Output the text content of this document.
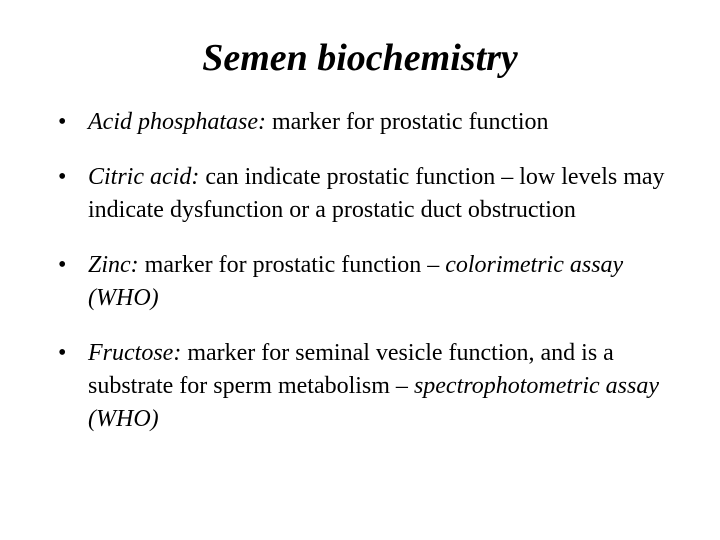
Semen biochemistry
• Acid phosphatase: marker for prostatic function
• Citric acid: can indicate prostatic function – low levels may indicate dysfunction or a prostatic duct obstruction
• Zinc: marker for prostatic function – colorimetric assay (WHO)
• Fructose: marker for seminal vesicle function, and is a substrate for sperm metabolism – spectrophotometric assay (WHO)
